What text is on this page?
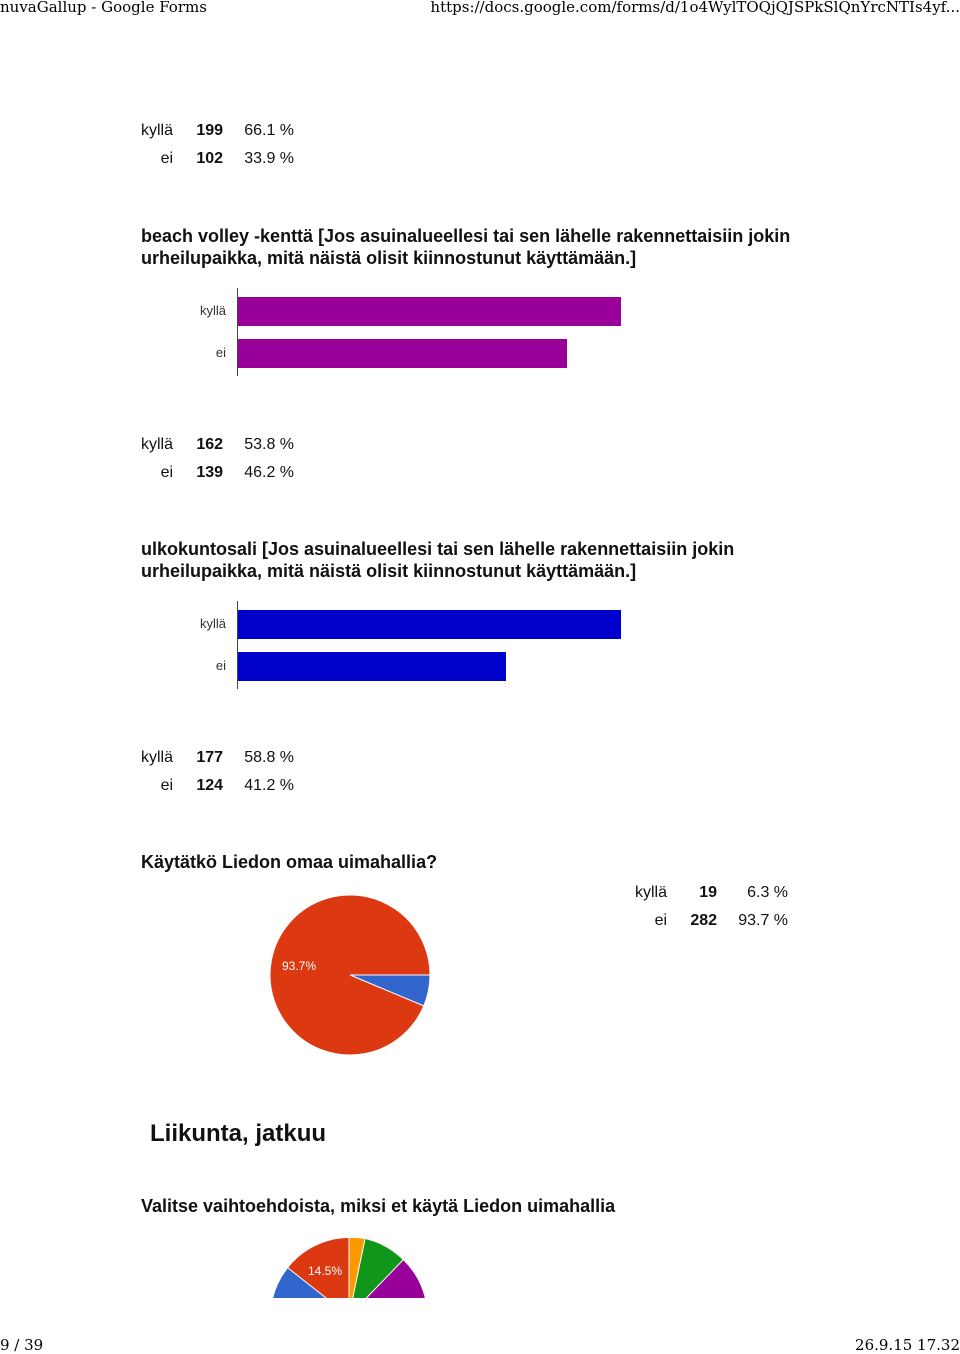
nuvaGallup - Google Forms	https://docs.google.com/forms/d/1o4WylTOQjQJSPkSlQnYrcNTIs4yf...
kyllä	199	66.1 %
ei	102	33.9 %
beach volley -kenttä [Jos asuinalueellesi tai sen lähelle rakennettaisiin jokin urheilupaikka, mitä näistä olisit kiinnostunut käyttämään.]
kyllä
ei
kyllä	162	53.8 %
ei	139	46.2 %
ulkokuntosali [Jos asuinalueellesi tai sen lähelle rakennettaisiin jokin urheilupaikka, mitä näistä olisit kiinnostunut käyttämään.]
kyllä
ei
kyllä	177	58.8 %
ei	124	41.2 %
Käytätkö Liedon omaa uimahallia?
93.7%
kyllä	19	6.3 %
ei	282	93.7 %
Liikunta, jatkuu
Valitse vaihtoehdoista, miksi et käytä Liedon uimahallia
14.5%
9 / 39	26.9.15 17.32
